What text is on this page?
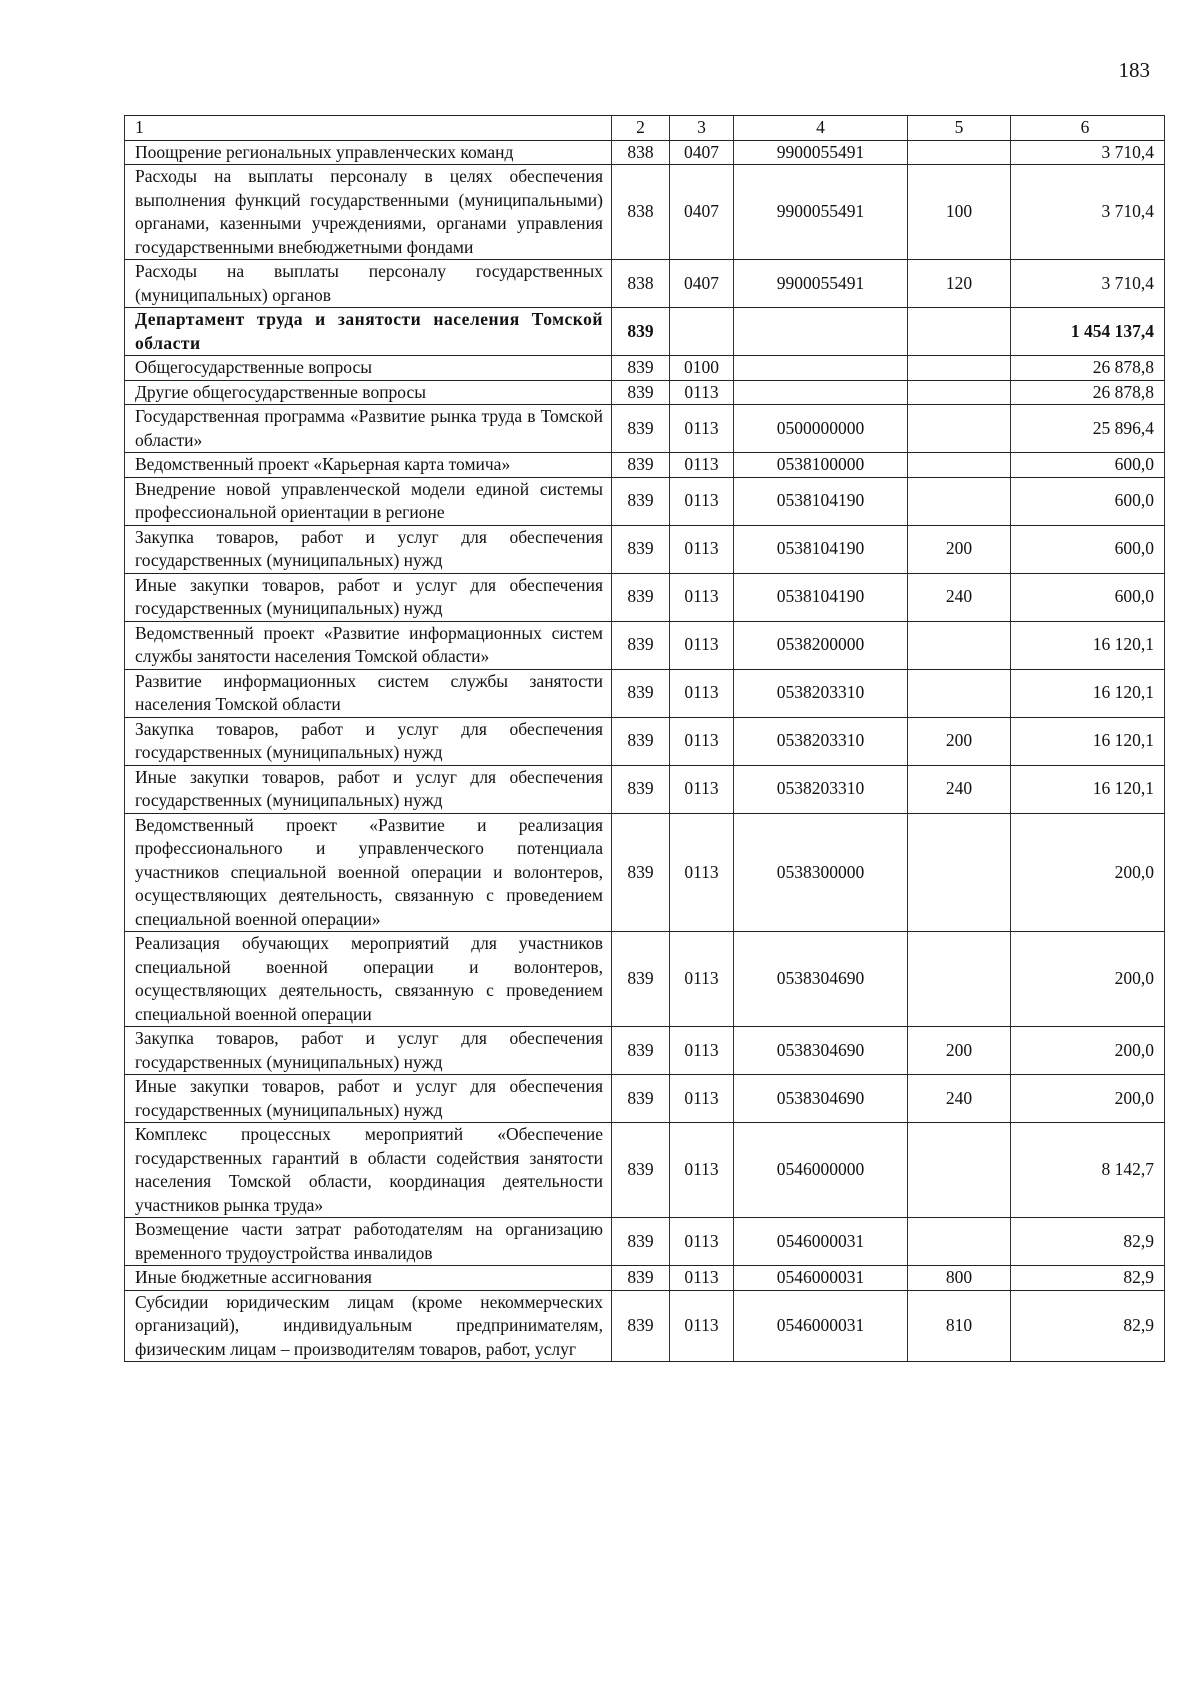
183
1	2	3	4	5	6
Поощрение региональных управленческих команд	838	0407	9900055491		3 710,4
Расходы на выплаты персоналу в целях обеспечения выполнения функций государственными (муниципальными) органами, казенными учреждениями, органами управления государственными внебюджетными фондами	838	0407	9900055491	100	3 710,4
Расходы на выплаты персоналу государственных (муниципальных) органов	838	0407	9900055491	120	3 710,4
Департамент труда и занятости населения Томской области	839				1 454 137,4
Общегосударственные вопросы	839	0100			26 878,8
Другие общегосударственные вопросы	839	0113			26 878,8
Государственная программа «Развитие рынка труда в Томской области»	839	0113	0500000000		25 896,4
Ведомственный проект «Карьерная карта томича»	839	0113	0538100000		600,0
Внедрение новой управленческой модели единой системы профессиональной ориентации в регионе	839	0113	0538104190		600,0
Закупка товаров, работ и услуг для обеспечения государственных (муниципальных) нужд	839	0113	0538104190	200	600,0
Иные закупки товаров, работ и услуг для обеспечения государственных (муниципальных) нужд	839	0113	0538104190	240	600,0
Ведомственный проект «Развитие информационных систем службы занятости населения Томской области»	839	0113	0538200000		16 120,1
Развитие информационных систем службы занятости населения Томской области	839	0113	0538203310		16 120,1
Закупка товаров, работ и услуг для обеспечения государственных (муниципальных) нужд	839	0113	0538203310	200	16 120,1
Иные закупки товаров, работ и услуг для обеспечения государственных (муниципальных) нужд	839	0113	0538203310	240	16 120,1
Ведомственный проект «Развитие и реализация профессионального и управленческого потенциала участников специальной военной операции и волонтеров, осуществляющих деятельность, связанную с проведением специальной военной операции»	839	0113	0538300000		200,0
Реализация обучающих мероприятий для участников специальной военной операции и волонтеров, осуществляющих деятельность, связанную с проведением специальной военной операции	839	0113	0538304690		200,0
Закупка товаров, работ и услуг для обеспечения государственных (муниципальных) нужд	839	0113	0538304690	200	200,0
Иные закупки товаров, работ и услуг для обеспечения государственных (муниципальных) нужд	839	0113	0538304690	240	200,0
Комплекс процессных мероприятий «Обеспечение государственных гарантий в области содействия занятости населения Томской области, координация деятельности участников рынка труда»	839	0113	0546000000		8 142,7
Возмещение части затрат работодателям на организацию временного трудоустройства инвалидов	839	0113	0546000031		82,9
Иные бюджетные ассигнования	839	0113	0546000031	800	82,9
Субсидии юридическим лицам (кроме некоммерческих организаций), индивидуальным предпринимателям, физическим лицам – производителям товаров, работ, услуг	839	0113	0546000031	810	82,9
